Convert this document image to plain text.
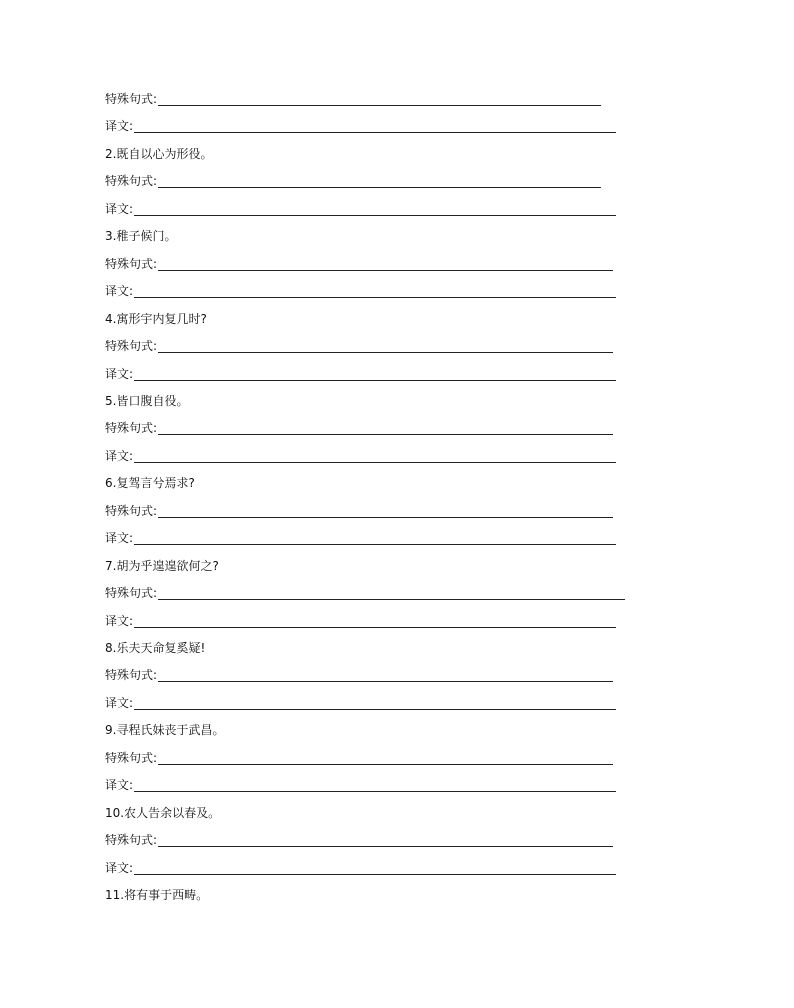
特殊句式:
译文:
2.既自以心为形役。
特殊句式:
译文:
3.稚子候门。
特殊句式:
译文:
4.寓形宇内复几时?
特殊句式:
译文:
5.皆口腹自役。
特殊句式:
译文:
6.复驾言兮焉求?
特殊句式:
译文:
7.胡为乎遑遑欲何之?
特殊句式:
译文:
8.乐夫天命复奚疑!
特殊句式:
译文:
9.寻程氏妹丧于武昌。
特殊句式:
译文:
10.农人告余以春及。
特殊句式:
译文:
11.将有事于西畴。
